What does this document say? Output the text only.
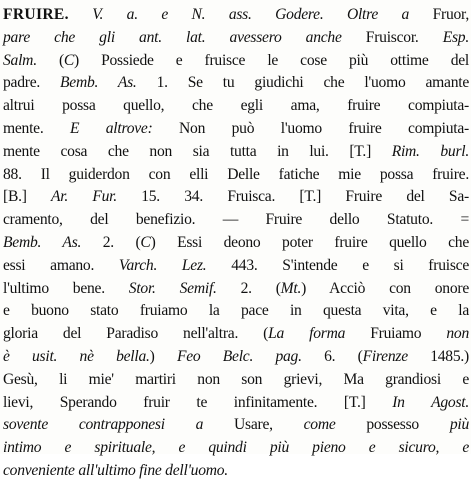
FRUIRE. V. a. e N. ass. Godere. Oltre a Fruor,
pare che gli ant. lat. avessero anche Fruiscor. Esp.
Salm. (C) Possiede e fruisce le cose più ottime del
padre. Bemb. As. 1. Se tu giudichi che l'uomo amante
altrui possa quello, che egli ama, fruire compiuta-
mente. E altrove: Non può l'uomo fruire compiuta-
mente cosa che non sia tutta in lui. [T.] Rim. burl.
88. Il guiderdon con elli Delle fatiche mie possa fruire.
[B.] Ar. Fur. 15. 34. Fruisca. [T.] Fruire del Sa-
cramento, del benefizio. — Fruire dello Statuto. =
Bemb. As. 2. (C) Essi deono poter fruire quello che
essi amano. Varch. Lez. 443. S'intende e si fruisce
l'ultimo bene. Stor. Semif. 2. (Mt.) Acciò con onore
e buono stato fruiamo la pace in questa vita, e la
gloria del Paradiso nell'altra. (La forma Fruiamo non
è usit. nè bella.) Feo Belc. pag. 6. (Firenze 1485.)
Gesù, li mie' martiri non son grievi, Ma grandiosi e
lievi, Sperando fruir te infinitamente. [T.] In Agost.
sovente contrapponesi a Usare, come possesso più
intimo e spirituale, e quindi più pieno e sicuro, e
conveniente all'ultimo fine dell'uomo.
